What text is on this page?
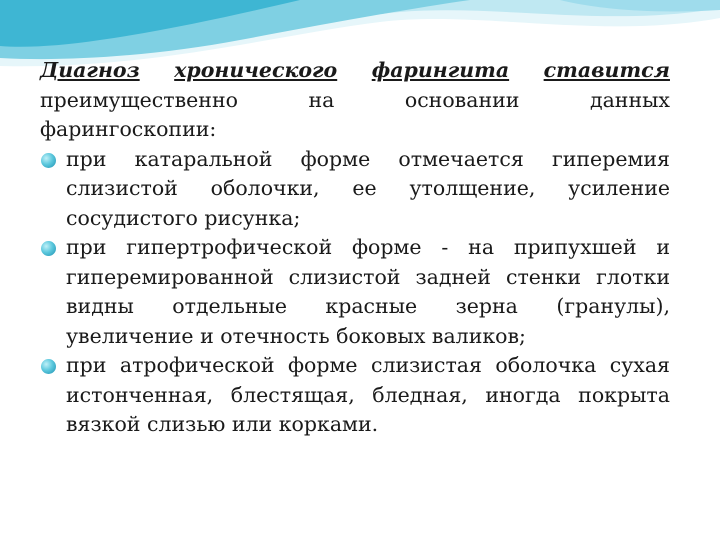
Диагноз хронического фарингита ставится

преимущественно на основании данных

фарингоскопии:

при катаральной форме отмечается гиперемия слизистой оболочки, ее утолщение, усиление сосудистого рисунка;
при гипертрофической форме - на припухшей и гиперемированной слизистой задней стенки глотки видны отдельные красные зерна (гранулы), увеличение и отечность боковых валиков;
при атрофической форме слизистая оболочка сухая истонченная, блестящая, бледная, иногда покрыта вязкой слизью или корками.
